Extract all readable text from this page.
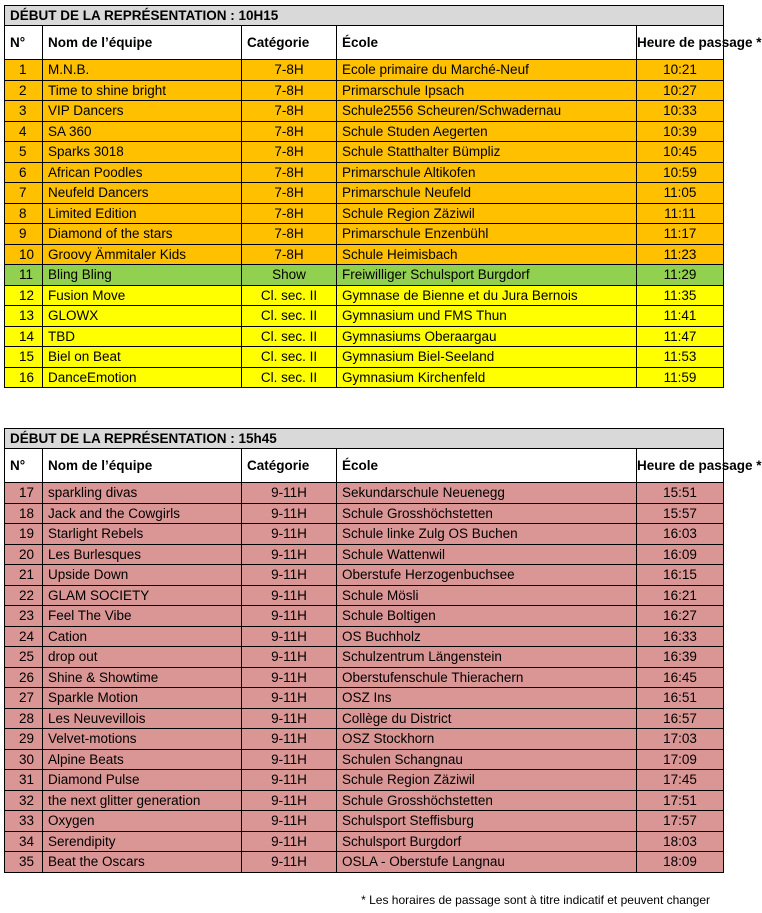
DÉBUT DE LA REPRÉSENTATION : 10H15				
N°	Nom de l’équipe	Catégorie	École	Heure de passage *
1	M.N.B.	7-8H	Ecole primaire du Marché-Neuf	10:21
2	Time to shine bright	7-8H	Primarschule Ipsach	10:27
3	VIP Dancers	7-8H	Schule2556 Scheuren/Schwadernau	10:33
4	SA 360	7-8H	Schule Studen Aegerten	10:39
5	Sparks 3018	7-8H	Schule Statthalter Bümpliz	10:45
6	African Poodles	7-8H	Primarschule Altikofen	10:59
7	Neufeld Dancers	7-8H	Primarschule Neufeld	11:05
8	Limited Edition	7-8H	Schule Region Zäziwil	11:11
9	Diamond of the stars	7-8H	Primarschule Enzenbühl	11:17
10	Groovy Ämmitaler Kids	7-8H	Schule Heimisbach	11:23
11	Bling Bling	Show	Freiwilliger Schulsport Burgdorf	11:29
12	Fusion Move	Cl. sec. II	Gymnase de Bienne et du Jura Bernois	11:35
13	GLOWX	Cl. sec. II	Gymnasium und FMS Thun	11:41
14	TBD	Cl. sec. II	Gymnasiums Oberaargau	11:47
15	Biel on Beat	Cl. sec. II	Gymnasium Biel-Seeland	11:53
16	DanceEmotion	Cl. sec. II	Gymnasium Kirchenfeld	11:59
DÉBUT DE LA REPRÉSENTATION : 15h45				
N°	Nom de l’équipe	Catégorie	École	Heure de passage *
17	sparkling divas	9-11H	Sekundarschule Neuenegg	15:51
18	Jack and the Cowgirls	9-11H	Schule Grosshöchstetten	15:57
19	Starlight Rebels	9-11H	Schule linke Zulg OS Buchen	16:03
20	Les Burlesques	9-11H	Schule Wattenwil	16:09
21	Upside Down	9-11H	Oberstufe Herzogenbuchsee	16:15
22	GLAM SOCIETY	9-11H	Schule Mösli	16:21
23	Feel The Vibe	9-11H	Schule Boltigen	16:27
24	Cation	9-11H	OS Buchholz	16:33
25	drop out	9-11H	Schulzentrum Längenstein	16:39
26	Shine & Showtime	9-11H	Oberstufenschule Thierachern	16:45
27	Sparkle Motion	9-11H	OSZ Ins	16:51
28	Les Neuvevillois	9-11H	Collège du District	16:57
29	Velvet-motions	9-11H	OSZ Stockhorn	17:03
30	Alpine Beats	9-11H	Schulen Schangnau	17:09
31	Diamond Pulse	9-11H	Schule Region Zäziwil	17:45
32	the next glitter generation	9-11H	Schule Grosshöchstetten	17:51
33	Oxygen	9-11H	Schulsport Steffisburg	17:57
34	Serendipity	9-11H	Schulsport Burgdorf	18:03
35	Beat the Oscars	9-11H	OSLA - Oberstufe Langnau	18:09
* Les horaires de passage sont à titre indicatif et peuvent changer
